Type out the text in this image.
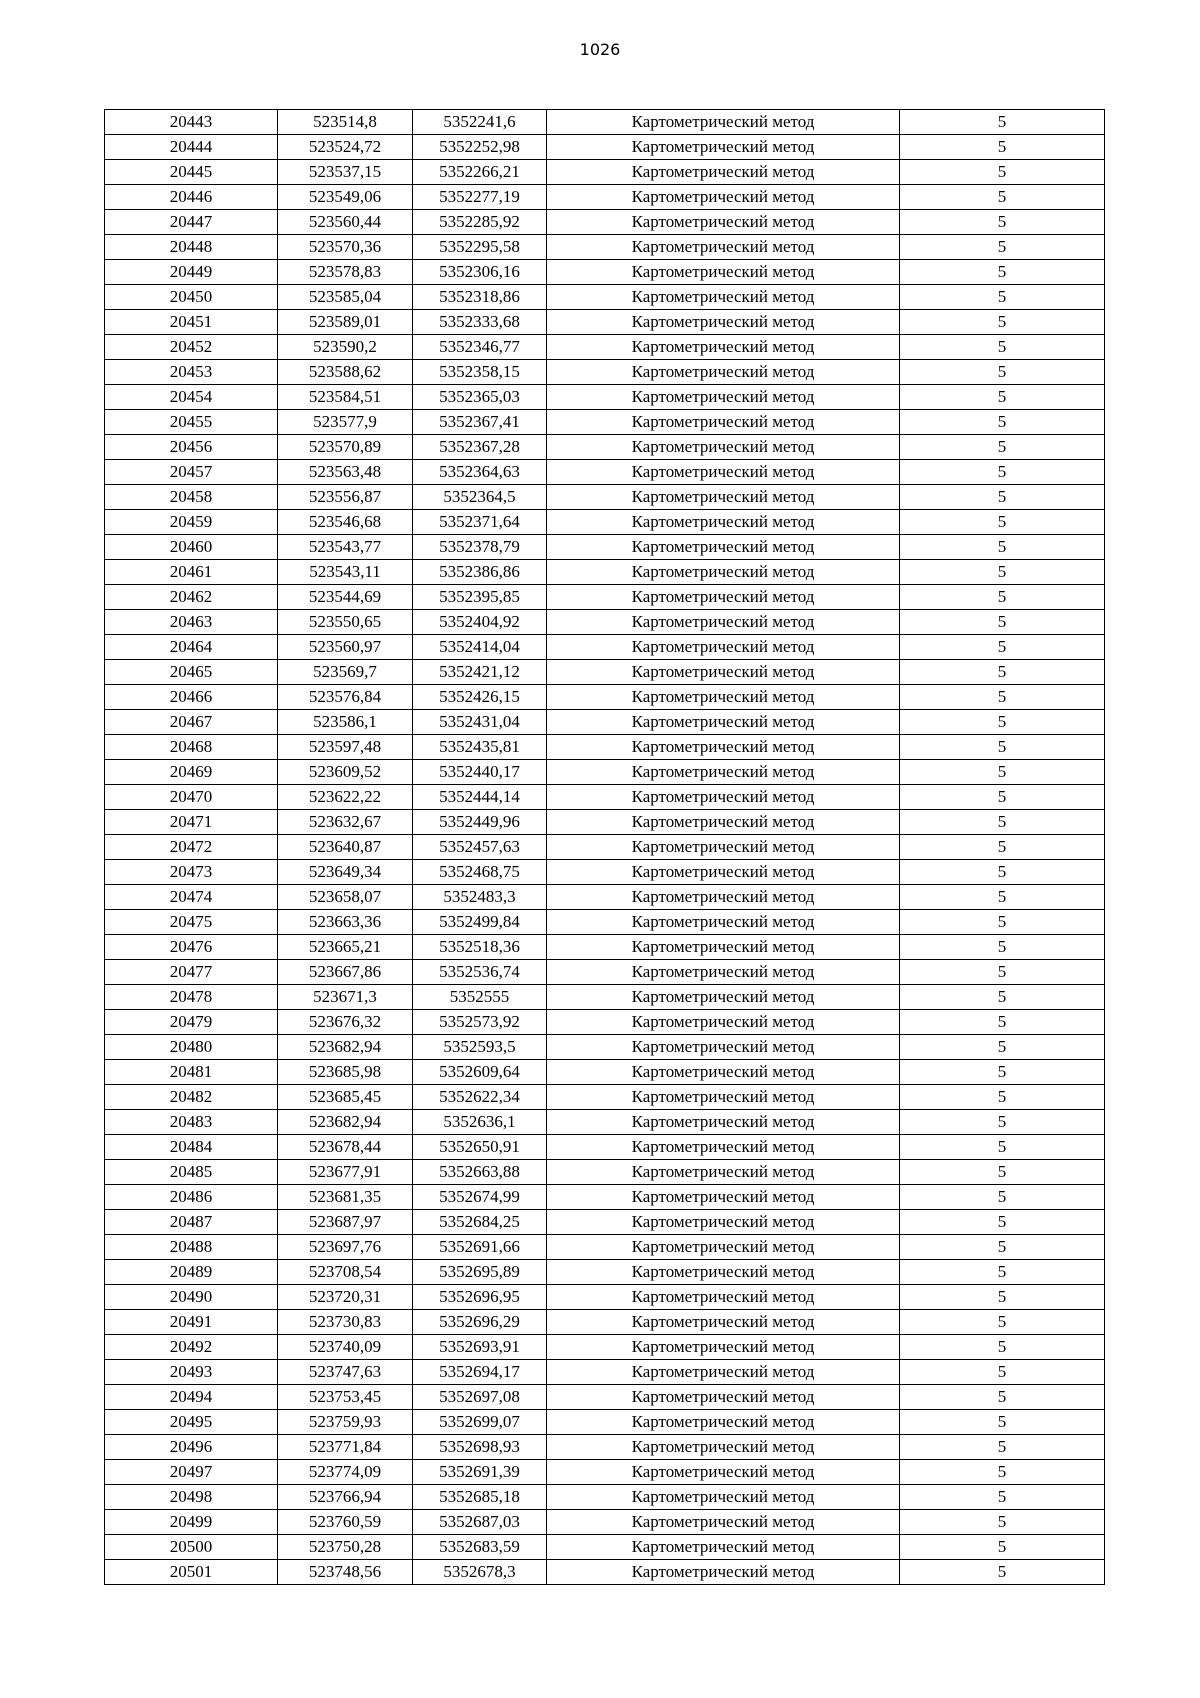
1026
20443	523514,8	5352241,6	Картометрический метод	5
20444	523524,72	5352252,98	Картометрический метод	5
20445	523537,15	5352266,21	Картометрический метод	5
20446	523549,06	5352277,19	Картометрический метод	5
20447	523560,44	5352285,92	Картометрический метод	5
20448	523570,36	5352295,58	Картометрический метод	5
20449	523578,83	5352306,16	Картометрический метод	5
20450	523585,04	5352318,86	Картометрический метод	5
20451	523589,01	5352333,68	Картометрический метод	5
20452	523590,2	5352346,77	Картометрический метод	5
20453	523588,62	5352358,15	Картометрический метод	5
20454	523584,51	5352365,03	Картометрический метод	5
20455	523577,9	5352367,41	Картометрический метод	5
20456	523570,89	5352367,28	Картометрический метод	5
20457	523563,48	5352364,63	Картометрический метод	5
20458	523556,87	5352364,5	Картометрический метод	5
20459	523546,68	5352371,64	Картометрический метод	5
20460	523543,77	5352378,79	Картометрический метод	5
20461	523543,11	5352386,86	Картометрический метод	5
20462	523544,69	5352395,85	Картометрический метод	5
20463	523550,65	5352404,92	Картометрический метод	5
20464	523560,97	5352414,04	Картометрический метод	5
20465	523569,7	5352421,12	Картометрический метод	5
20466	523576,84	5352426,15	Картометрический метод	5
20467	523586,1	5352431,04	Картометрический метод	5
20468	523597,48	5352435,81	Картометрический метод	5
20469	523609,52	5352440,17	Картометрический метод	5
20470	523622,22	5352444,14	Картометрический метод	5
20471	523632,67	5352449,96	Картометрический метод	5
20472	523640,87	5352457,63	Картометрический метод	5
20473	523649,34	5352468,75	Картометрический метод	5
20474	523658,07	5352483,3	Картометрический метод	5
20475	523663,36	5352499,84	Картометрический метод	5
20476	523665,21	5352518,36	Картометрический метод	5
20477	523667,86	5352536,74	Картометрический метод	5
20478	523671,3	5352555	Картометрический метод	5
20479	523676,32	5352573,92	Картометрический метод	5
20480	523682,94	5352593,5	Картометрический метод	5
20481	523685,98	5352609,64	Картометрический метод	5
20482	523685,45	5352622,34	Картометрический метод	5
20483	523682,94	5352636,1	Картометрический метод	5
20484	523678,44	5352650,91	Картометрический метод	5
20485	523677,91	5352663,88	Картометрический метод	5
20486	523681,35	5352674,99	Картометрический метод	5
20487	523687,97	5352684,25	Картометрический метод	5
20488	523697,76	5352691,66	Картометрический метод	5
20489	523708,54	5352695,89	Картометрический метод	5
20490	523720,31	5352696,95	Картометрический метод	5
20491	523730,83	5352696,29	Картометрический метод	5
20492	523740,09	5352693,91	Картометрический метод	5
20493	523747,63	5352694,17	Картометрический метод	5
20494	523753,45	5352697,08	Картометрический метод	5
20495	523759,93	5352699,07	Картометрический метод	5
20496	523771,84	5352698,93	Картометрический метод	5
20497	523774,09	5352691,39	Картометрический метод	5
20498	523766,94	5352685,18	Картометрический метод	5
20499	523760,59	5352687,03	Картометрический метод	5
20500	523750,28	5352683,59	Картометрический метод	5
20501	523748,56	5352678,3	Картометрический метод	5
